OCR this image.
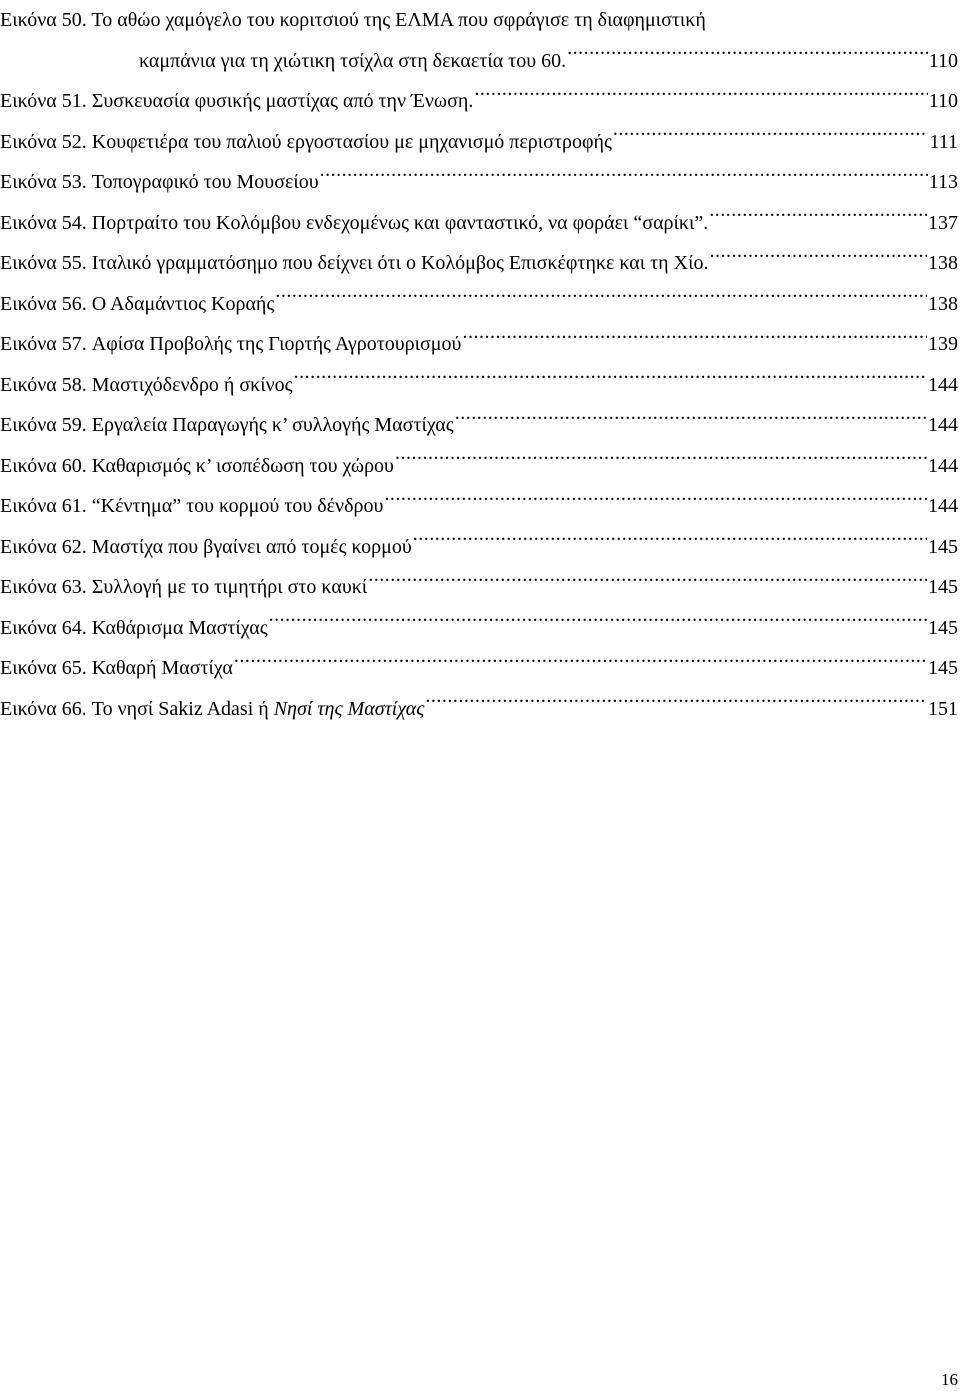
Εικόνα 50. Το αθώο χαμόγελο του κοριτσιού της ΕΛΜΑ που σφράγισε τη διαφημιστική
καμπάνια για τη χιώτικη τσίχλα στη δεκαετία του 60. .....	110
Εικόνα 51.
Συσκευασία φυσικής μαστίχας από την Ένωση. .....	110
Εικόνα 52.
Κουφετιέρα του παλιού εργοστασίου με μηχανισμό περιστροφής .....	111
Εικόνα 53.
Τοπογραφικό του Μουσείου .....	113
Εικόνα 54.
Πορτραίτο του Κολόμβου ενδεχομένως και φανταστικό, να φοράει “σαρίκι”. .....	137
Εικόνα 55.
Ιταλικό γραμματόσημο που δείχνει ότι ο Κολόμβος Επισκέφτηκε και τη Χίο. .....	138
Εικόνα 56.
Ο Αδαμάντιος Κοραής .....	138
Εικόνα 57.
Αφίσα Προβολής της Γιορτής Αγροτουρισμού .....	139
Εικόνα 58.
Μαστιχόδενδρο ή σκίνος .....	144
Εικόνα 59.
Εργαλεία Παραγωγής κ’ συλλογής Μαστίχας .....	144
Εικόνα 60.
Καθαρισμός κ’ ισοπέδωση του χώρου .....	144
Εικόνα 61.
“Κέντημα” του κορμού του δένδρου .....	144
Εικόνα 62.
Μαστίχα που βγαίνει από τομές κορμού .....	145
Εικόνα 63.
Συλλογή με το τιμητήρι στο καυκί .....	145
Εικόνα 64.
Καθάρισμα Μαστίχας .....	145
Εικόνα 65.
Καθαρή Μαστίχα .....	145
Εικόνα 66.
Το νησί Sakiz Adasi ή
Νησί της Μαστίχας .....	151
16
